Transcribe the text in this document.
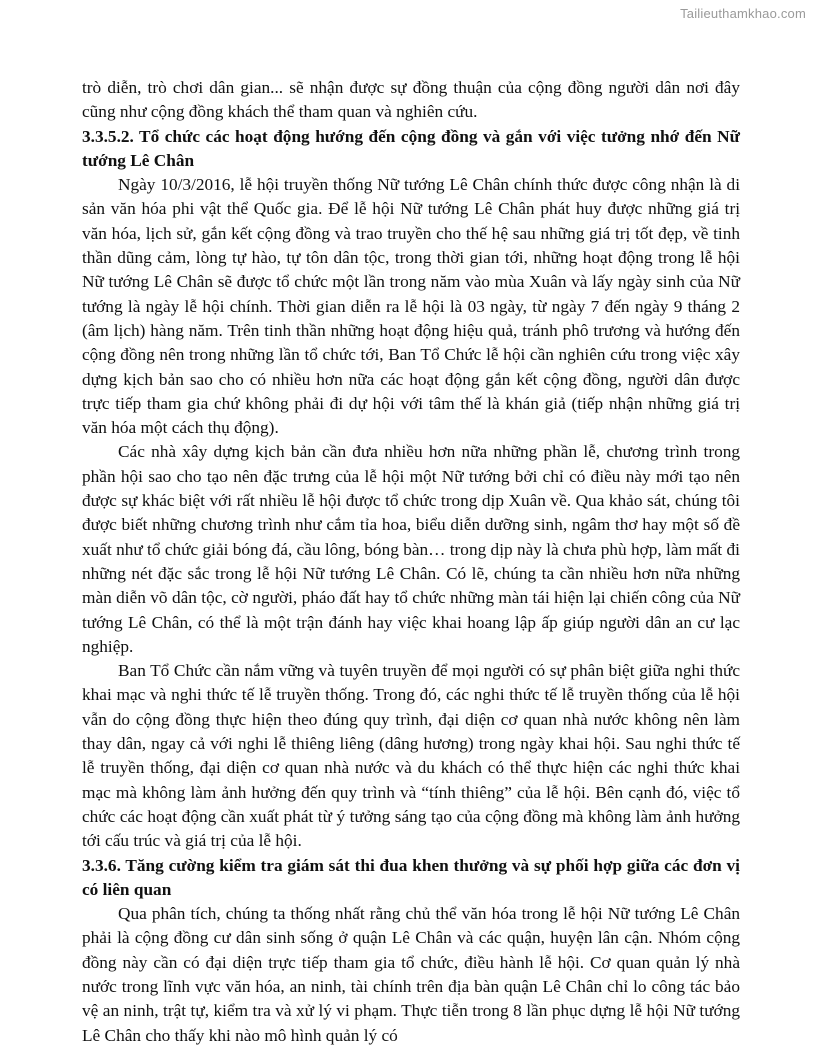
Tailieuthamkhao.com

trò diễn, trò chơi dân gian... sẽ nhận được sự đồng thuận của cộng đồng người dân nơi đây cũng như cộng đồng khách thể tham quan và nghiên cứu.

3.3.5.2. Tổ chức các hoạt động hướng đến cộng đồng và gắn với việc tưởng nhớ đến Nữ tướng Lê Chân

Ngày 10/3/2016, lễ hội truyền thống Nữ tướng Lê Chân chính thức được công nhận là di sản văn hóa phi vật thể Quốc gia. Để lễ hội Nữ tướng Lê Chân phát huy được những giá trị văn hóa, lịch sử, gắn kết cộng đồng và trao truyền cho thế hệ sau những giá trị tốt đẹp, về tinh thần dũng cảm, lòng tự hào, tự tôn dân tộc, trong thời gian tới, những hoạt động trong lễ hội Nữ tướng Lê Chân sẽ được tổ chức một lần trong năm vào mùa Xuân và lấy ngày sinh của Nữ tướng là ngày lễ hội chính. Thời gian diễn ra lễ hội là 03 ngày, từ ngày 7 đến ngày 9 tháng 2 (âm lịch) hàng năm. Trên tinh thần những hoạt động hiệu quả, tránh phô trương và hướng đến cộng đồng nên trong những lần tổ chức tới, Ban Tổ Chức lễ hội cần nghiên cứu trong việc xây dựng kịch bản sao cho có nhiều hơn nữa các hoạt động gắn kết cộng đồng, người dân được trực tiếp tham gia chứ không phải đi dự hội với tâm thế là khán giả (tiếp nhận những giá trị văn hóa một cách thụ động).

Các nhà xây dựng kịch bản cần đưa nhiều hơn nữa những phần lễ, chương trình trong phần hội sao cho tạo nên đặc trưng của lễ hội một Nữ tướng bởi chỉ có điều này mới tạo nên được sự khác biệt với rất nhiều lễ hội được tổ chức trong dịp Xuân về. Qua khảo sát, chúng tôi được biết những chương trình như cắm tỉa hoa, biểu diễn dưỡng sinh, ngâm thơ hay một số đề xuất như tổ chức giải bóng đá, cầu lông, bóng bàn… trong dịp này là chưa phù hợp, làm mất đi những nét đặc sắc trong lễ hội Nữ tướng Lê Chân. Có lẽ, chúng ta cần nhiều hơn nữa những màn diễn võ dân tộc, cờ người, pháo đất hay tổ chức những màn tái hiện lại chiến công của Nữ tướng Lê Chân, có thể là một trận đánh hay việc khai hoang lập ấp giúp người dân an cư lạc nghiệp.

Ban Tổ Chức cần nắm vững và tuyên truyền để mọi người có sự phân biệt giữa nghi thức khai mạc và nghi thức tế lễ truyền thống. Trong đó, các nghi thức tế lễ truyền thống của lễ hội vẫn do cộng đồng thực hiện theo đúng quy trình, đại diện cơ quan nhà nước không nên làm thay dân, ngay cả với nghi lễ thiêng liêng (dâng hương) trong ngày khai hội. Sau nghi thức tế lễ truyền thống, đại diện cơ quan nhà nước và du khách có thể thực hiện các nghi thức khai mạc mà không làm ảnh hưởng đến quy trình và “tính thiêng” của lễ hội. Bên cạnh đó, việc tổ chức các hoạt động cần xuất phát từ ý tưởng sáng tạo của cộng đồng mà không làm ảnh hưởng tới cấu trúc và giá trị của lễ hội.

3.3.6. Tăng cường kiểm tra giám sát thi đua khen thưởng và sự phối hợp giữa các đơn vị có liên quan

Qua phân tích, chúng ta thống nhất rằng chủ thể văn hóa trong lễ hội Nữ tướng Lê Chân phải là cộng đồng cư dân sinh sống ở quận Lê Chân và các quận, huyện lân cận. Nhóm cộng đồng này cần có đại diện trực tiếp tham gia tổ chức, điều hành lễ hội. Cơ quan quản lý nhà nước trong lĩnh vực văn hóa, an ninh, tài chính trên địa bàn quận Lê Chân chỉ lo công tác bảo vệ an ninh, trật tự, kiểm tra và xử lý vi phạm. Thực tiễn trong 8 lần phục dựng lễ hội Nữ tướng Lê Chân cho thấy khi nào mô hình quản lý có
